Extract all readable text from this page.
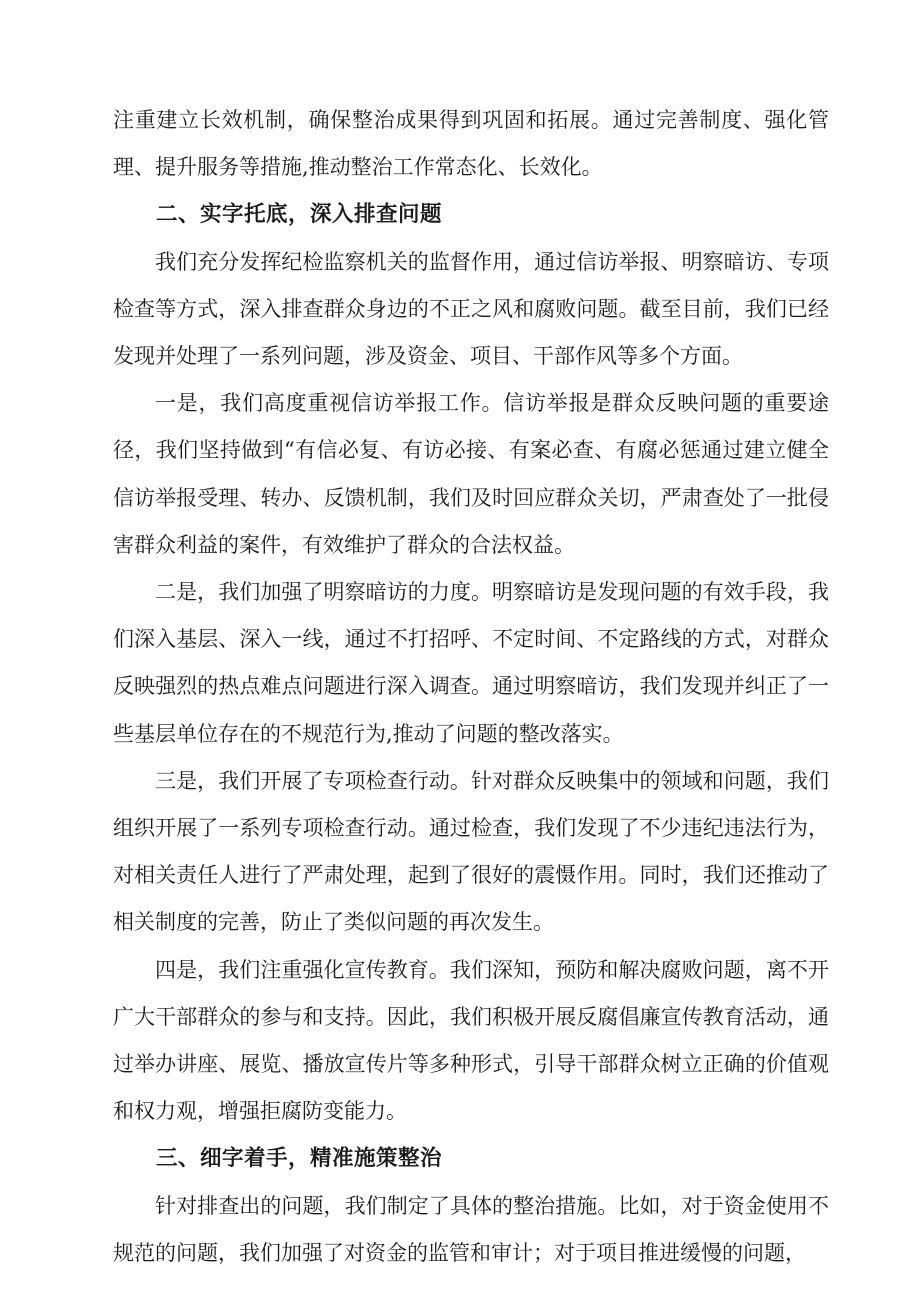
注重建立长效机制，确保整治成果得到巩固和拓展。通过完善制度、强化管理、提升服务等措施,推动整治工作常态化、长效化。

二、实字托底，深入排查问题

我们充分发挥纪检监察机关的监督作用，通过信访举报、明察暗访、专项检查等方式，深入排查群众身边的不正之风和腐败问题。截至目前，我们已经发现并处理了一系列问题，涉及资金、项目、干部作风等多个方面。

一是，我们高度重视信访举报工作。信访举报是群众反映问题的重要途径，我们坚持做到“有信必复、有访必接、有案必查、有腐必惩通过建立健全信访举报受理、转办、反馈机制，我们及时回应群众关切，严肃查处了一批侵害群众利益的案件，有效维护了群众的合法权益。

二是，我们加强了明察暗访的力度。明察暗访是发现问题的有效手段，我们深入基层、深入一线，通过不打招呼、不定时间、不定路线的方式，对群众反映强烈的热点难点问题进行深入调查。通过明察暗访，我们发现并纠正了一些基层单位存在的不规范行为,推动了问题的整改落实。

三是，我们开展了专项检查行动。针对群众反映集中的领域和问题，我们组织开展了一系列专项检查行动。通过检查，我们发现了不少违纪违法行为，对相关责任人进行了严肃处理，起到了很好的震慑作用。同时，我们还推动了相关制度的完善，防止了类似问题的再次发生。

四是，我们注重强化宣传教育。我们深知，预防和解决腐败问题，离不开广大干部群众的参与和支持。因此，我们积极开展反腐倡廉宣传教育活动，通过举办讲座、展览、播放宣传片等多种形式，引导干部群众树立正确的价值观和权力观，增强拒腐防变能力。

三、细字着手，精准施策整治

针对排查出的问题，我们制定了具体的整治措施。比如，对于资金使用不规范的问题，我们加强了对资金的监管和审计；对于项目推进缓慢的问题，
